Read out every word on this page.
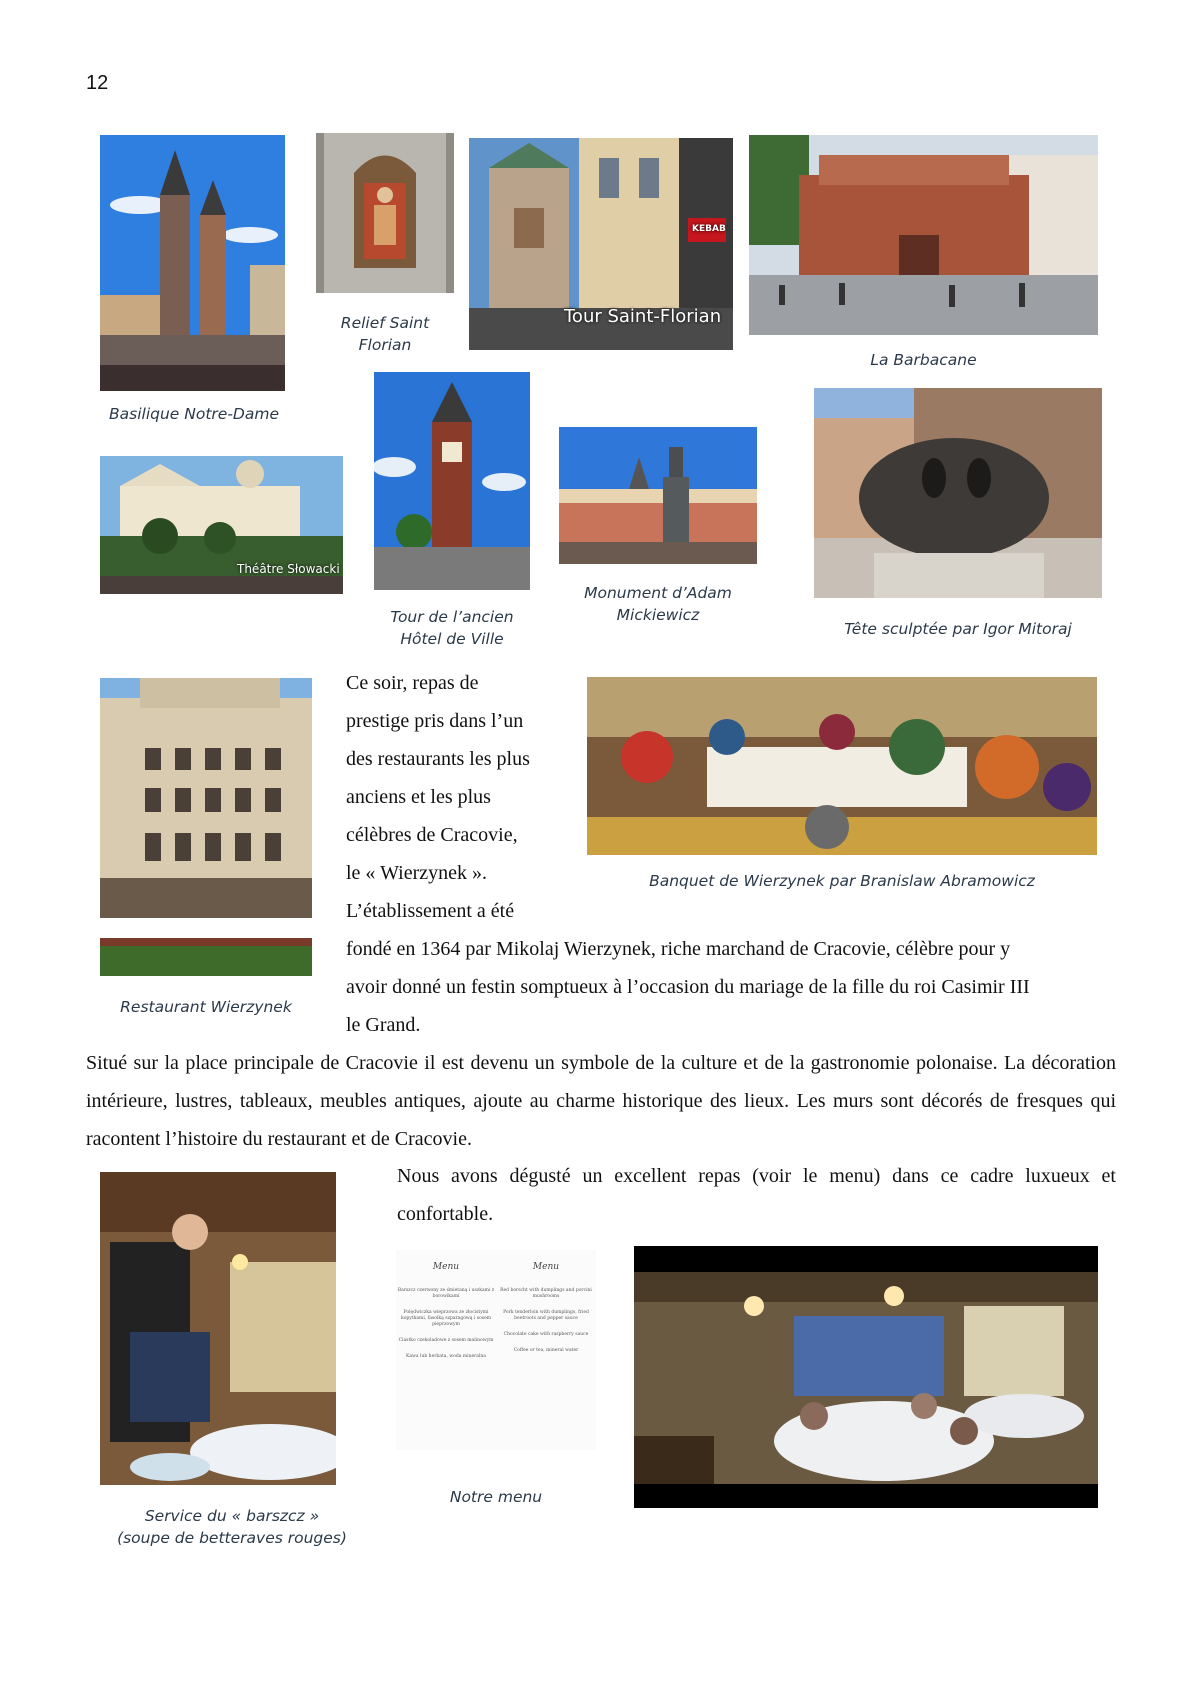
12
Basilique Notre-Dame
Relief Saint
Florian
KEBAB
Tour Saint-Florian
La Barbacane
Théâtre Słowacki
Tour de l’ancien
Hôtel de Ville
Monument d’Adam
Mickiewicz
Tête sculptée par Igor Mitoraj
Restaurant Wierzynek
Ce soir, repas de
prestige pris dans l’un
des restaurants les plus
anciens et les plus
célèbres de Cracovie,
le « Wierzynek ».
L’établissement a été
Banquet de Wierzynek par Branislaw Abramowicz
fondé en 1364 par Mikolaj Wierzynek, riche marchand de Cracovie, célèbre pour y
avoir donné un festin somptueux à l’occasion du mariage de la fille du roi Casimir III
le Grand.
Situé sur la place principale de Cracovie il est devenu un symbole de la culture et de la gastronomie polonaise. La décoration intérieure, lustres, tableaux, meubles antiques, ajoute au charme historique des lieux. Les murs sont décorés de fresques qui racontent l’histoire du restaurant et de Cracovie.
Service du « barszcz »
(soupe de betteraves rouges)
Nous avons dégusté un excellent repas (voir le menu) dans ce cadre luxueux et confortable.
Menu

Barszcz czerwony ze śmietaną i uszkami z borowikami

Polędwiczka wieprzowa ze złocistymi kopytkami, fasolką szparagową i sosem pieprzowym

Ciastko czekoladowe z sosem malinowym

Kawa lub herbata, woda mineralna

Menu

Red borscht with dumplings and porcini mushrooms

Pork tenderloin with dumplings, fried beetroots and pepper sauce

Chocolate cake with raspberry sauce

Coffee or tea, mineral water

Notre menu
